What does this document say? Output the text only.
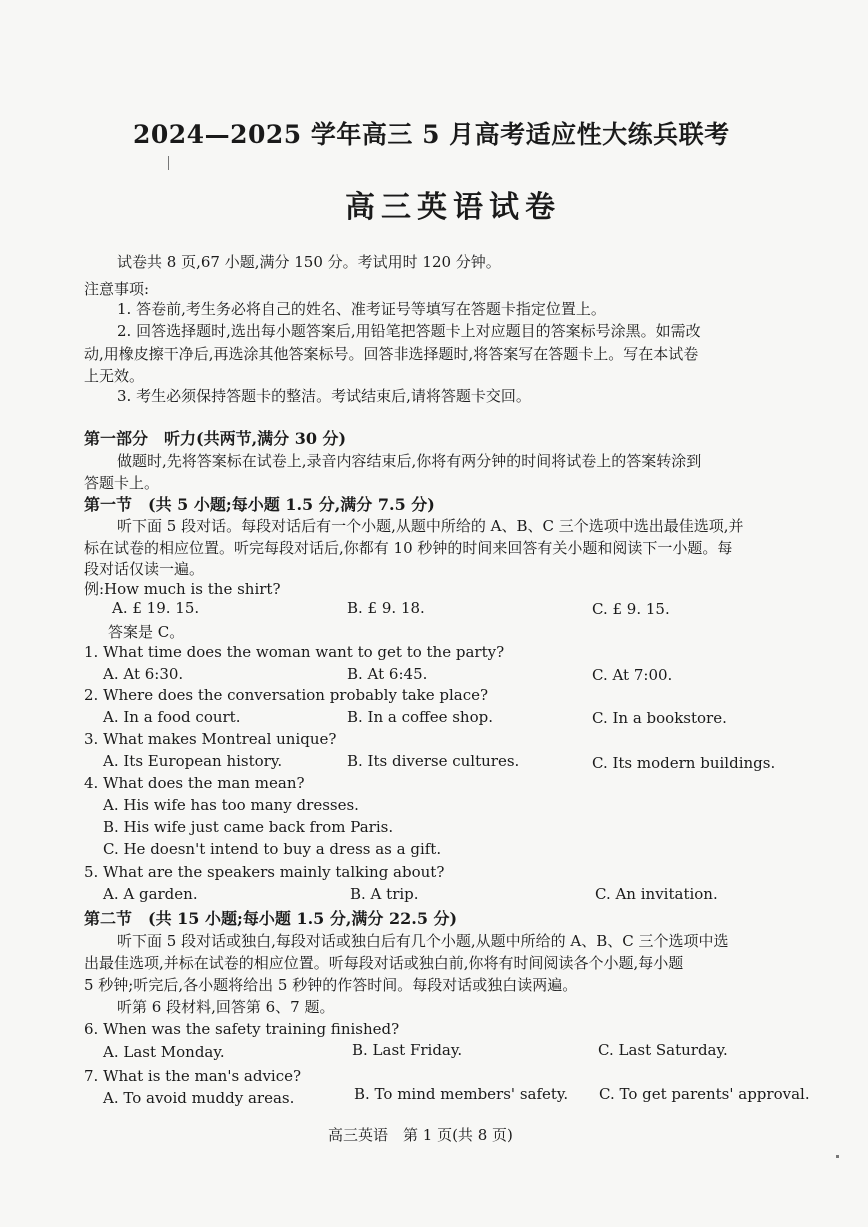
2024—2025 学年高三 5 月高考适应性大练兵联考
高三英语试卷
试卷共 8 页,67 小题,满分 150 分。考试用时 120 分钟。
注意事项:
1. 答卷前,考生务必将自己的姓名、准考证号等填写在答题卡指定位置上。
2. 回答选择题时,选出每小题答案后,用铅笔把答题卡上对应题目的答案标号涂黑。如需改
动,用橡皮擦干净后,再选涂其他答案标号。回答非选择题时,将答案写在答题卡上。写在本试卷
上无效。
3. 考生必须保持答题卡的整洁。考试结束后,请将答题卡交回。
第一部分　听力(共两节,满分 30 分)
做题时,先将答案标在试卷上,录音内容结束后,你将有两分钟的时间将试卷上的答案转涂到
答题卡上。
第一节　(共 5 小题;每小题 1.5 分,满分 7.5 分)
听下面 5 段对话。每段对话后有一个小题,从题中所给的 A、B、C 三个选项中选出最佳选项,并
标在试卷的相应位置。听完每段对话后,你都有 10 秒钟的时间来回答有关小题和阅读下一小题。每
段对话仅读一遍。
例:How much is the shirt?
A. £ 19. 15.	B. £ 9. 18.	C. £ 9. 15.
答案是 C。
1. What time does the woman want to get to the party?
A. At 6:30.	B. At 6:45.	C. At 7:00.
2. Where does the conversation probably take place?
A. In a food court.	B. In a coffee shop.	C. In a bookstore.
3. What makes Montreal unique?
A. Its European history.	B. Its diverse cultures.	C. Its modern buildings.
4. What does the man mean?
A. His wife has too many dresses.
B. His wife just came back from Paris.
C. He doesn't intend to buy a dress as a gift.
5. What are the speakers mainly talking about?
A. A garden.	B. A trip.	C. An invitation.
第二节　(共 15 小题;每小题 1.5 分,满分 22.5 分)
听下面 5 段对话或独白,每段对话或独白后有几个小题,从题中所给的 A、B、C 三个选项中选
出最佳选项,并标在试卷的相应位置。听每段对话或独白前,你将有时间阅读各个小题,每小题
5 秒钟;听完后,各小题将给出 5 秒钟的作答时间。每段对话或独白读两遍。
听第 6 段材料,回答第 6、7 题。
6. When was the safety training finished?
A. Last Monday.	B. Last Friday.	C. Last Saturday.
7. What is the man's advice?
A. To avoid muddy areas.	B. To mind members' safety. C. To get parents' approval.
高三英语　第 1 页(共 8 页)
